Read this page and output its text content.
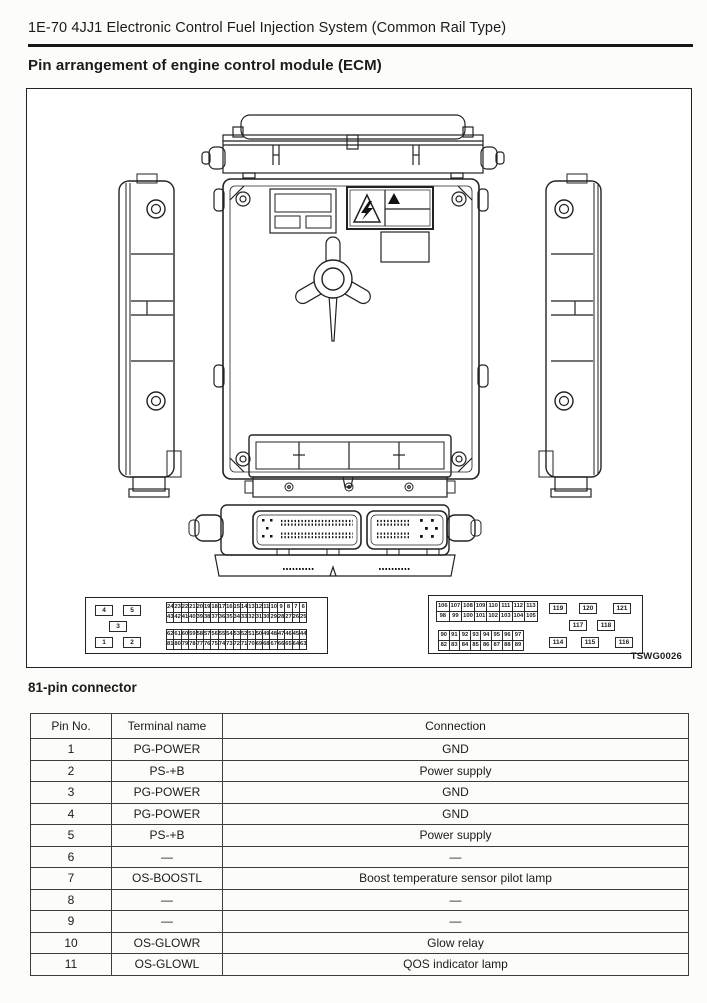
1E-70 4JJ1 Electronic Control Fuel Injection System (Common Rail Type)
Pin arrangement of engine control module (ECM)
4	5
3
1	2
24 23 22 21 20 19 18 17 16 15 14 13 12 11 10 9 8 7 6
43 42 41 40 39 38 37 36 35 34 33 32 31 30 29 28 27 26 25
62 61 60 59 58 57 56 55 54 53 52 51 50 49 48 47 46 45 44
81 80 79 78 77 76 75 74 73 72 71 70 69 68 67 66 65 64 63
106 107 108 109 110 111 112 113
98	99 100 101 102 103 104 105
90 91 92 93 94 95 96 97
82 83 84 85 86 87 88 89
119	120	121
117	118
114	115	116
TSWG0026
81-pin connector
Pin No.	Terminal name	Connection
1	PG-POWER	GND
2	PS-+B	Power supply
3	PG-POWER	GND
4	PG-POWER	GND
5	PS-+B	Power supply
6	—	—
7	OS-BOOSTL	Boost temperature sensor pilot lamp
8	—	—
9	—	—
10	OS-GLOWR	Glow relay
11	OS-GLOWL	QOS indicator lamp
